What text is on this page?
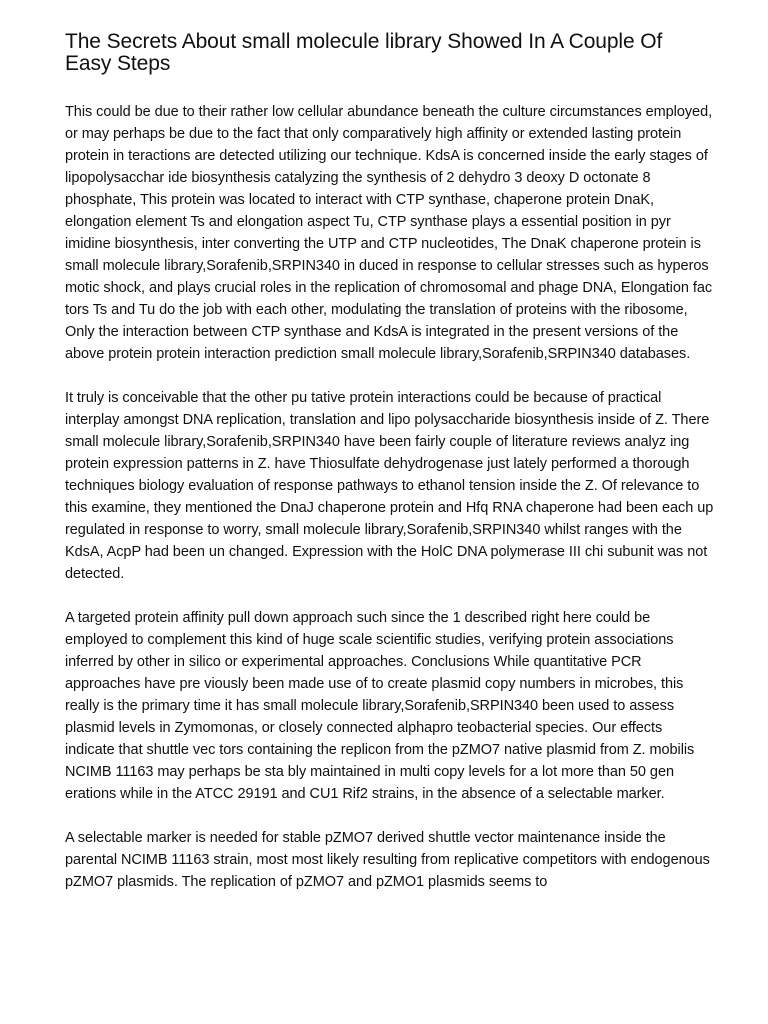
The Secrets About small molecule library Showed In A Couple Of Easy Steps

This could be due to their rather low cellular abundance beneath the culture circumstances employed, or may perhaps be due to the fact that only comparatively high affinity or extended lasting protein protein in teractions are detected utilizing our technique. KdsA is concerned inside the early stages of lipopolysacchar ide biosynthesis catalyzing the synthesis of 2 dehydro 3 deoxy D octonate 8 phosphate, This protein was located to interact with CTP synthase, chaperone protein DnaK, elongation element Ts and elongation aspect Tu, CTP synthase plays a essential position in pyr imidine biosynthesis, inter converting the UTP and CTP nucleotides, The DnaK chaperone protein is small molecule library,Sorafenib,SRPIN340 in duced in response to cellular stresses such as hyperos motic shock, and plays crucial roles in the replication of chromosomal and phage DNA, Elongation fac tors Ts and Tu do the job with each other, modulating the translation of proteins with the ribosome, Only the interaction between CTP synthase and KdsA is integrated in the present versions of the above protein protein interaction prediction small molecule library,Sorafenib,SRPIN340 databases.

It truly is conceivable that the other pu tative protein interactions could be because of practical interplay amongst DNA replication, translation and lipo polysaccharide biosynthesis inside of Z. There small molecule library,Sorafenib,SRPIN340 have been fairly couple of literature reviews analyz ing protein expression patterns in Z. have Thiosulfate dehydrogenase just lately performed a thorough techniques biology evaluation of response pathways to ethanol tension inside the Z. Of relevance to this examine, they mentioned the DnaJ chaperone protein and Hfq RNA chaperone had been each up regulated in response to worry, small molecule library,Sorafenib,SRPIN340 whilst ranges with the KdsA, AcpP had been un changed. Expression with the HolC DNA polymerase III chi subunit was not detected.

A targeted protein affinity pull down approach such since the 1 described right here could be employed to complement this kind of huge scale scientific studies, verifying protein associations inferred by other in silico or experimental approaches. Conclusions While quantitative PCR approaches have pre viously been made use of to create plasmid copy numbers in microbes, this really is the primary time it has small molecule library,Sorafenib,SRPIN340 been used to assess plasmid levels in Zymomonas, or closely connected alphapro teobacterial species. Our effects indicate that shuttle vec tors containing the replicon from the pZMO7 native plasmid from Z. mobilis NCIMB 11163 may perhaps be sta bly maintained in multi copy levels for a lot more than 50 gen erations while in the ATCC 29191 and CU1 Rif2 strains, in the absence of a selectable marker.

A selectable marker is needed for stable pZMO7 derived shuttle vector maintenance inside the parental NCIMB 11163 strain, most most likely resulting from replicative competitors with endogenous pZMO7 plasmids. The replication of pZMO7 and pZMO1 plasmids seems to
